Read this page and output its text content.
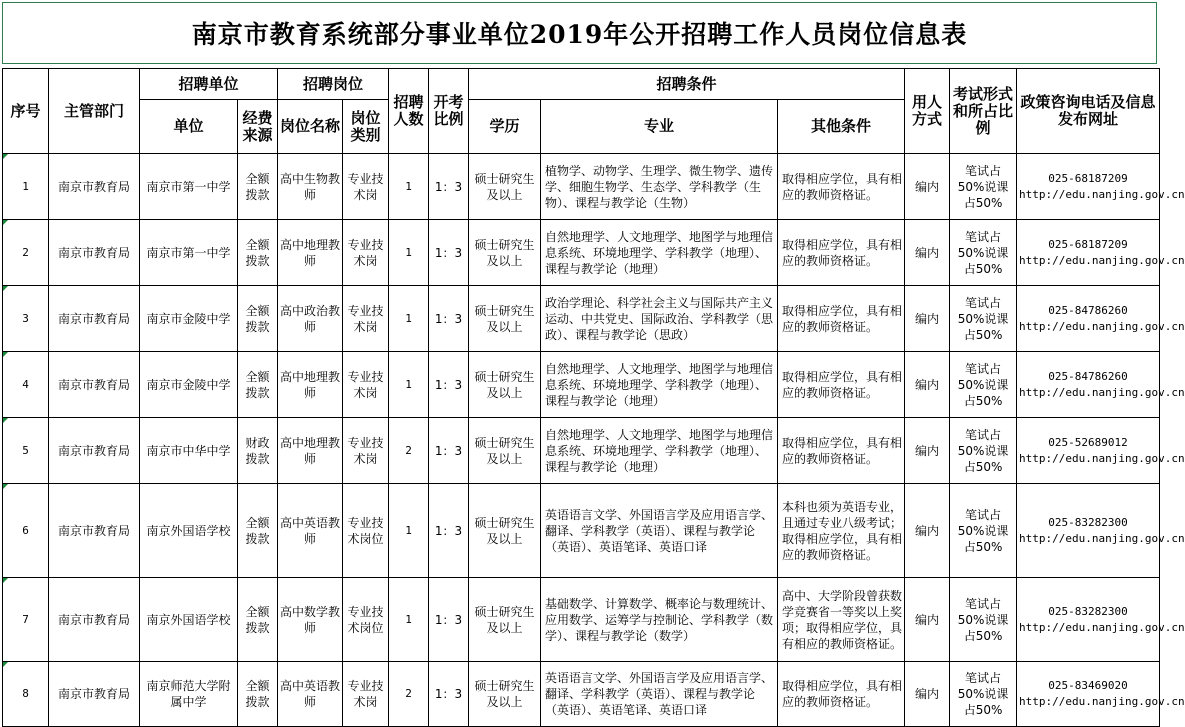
南京市教育系统部分事业单位2019年公开招聘工作人员岗位信息表
序号	主管部门	招聘单位		招聘岗位		招聘人数	开考比例	招聘条件			用人方式	考试形式和所占比例	政策咨询电话及信息发布网址
		单位	经费来源	岗位名称	岗位类别			学历	专业	其他条件			
1	南京市教育局	南京市第一中学	全额拨款	高中生物教师	专业技术岗	1	1：3	硕士研究生及以上	植物学、动物学、生理学、微生物学、遗传学、细胞生物学、生态学、学科教学（生物）、课程与教学论（生物）	取得相应学位，具有相应的教师资格证。	编内	笔试占50%说课占50%	025-68187209 http://edu.nanjing.gov.cn
2	南京市教育局	南京市第一中学	全额拨款	高中地理教师	专业技术岗	1	1：3	硕士研究生及以上	自然地理学、人文地理学、地图学与地理信息系统、环境地理学、学科教学（地理）、课程与教学论（地理）	取得相应学位，具有相应的教师资格证。	编内	笔试占50%说课占50%	025-68187209 http://edu.nanjing.gov.cn
3	南京市教育局	南京市金陵中学	全额拨款	高中政治教师	专业技术岗	1	1：3	硕士研究生及以上	政治学理论、科学社会主义与国际共产主义运动、中共党史、国际政治、学科教学（思政）、课程与教学论（思政）	取得相应学位，具有相应的教师资格证。	编内	笔试占50%说课占50%	025-84786260 http://edu.nanjing.gov.cn
4	南京市教育局	南京市金陵中学	全额拨款	高中地理教师	专业技术岗	1	1：3	硕士研究生及以上	自然地理学、人文地理学、地图学与地理信息系统、环境地理学、学科教学（地理）、课程与教学论（地理）	取得相应学位，具有相应的教师资格证。	编内	笔试占50%说课占50%	025-84786260 http://edu.nanjing.gov.cn
5	南京市教育局	南京市中华中学	财政拨款	高中地理教师	专业技术岗	2	1：3	硕士研究生及以上	自然地理学、人文地理学、地图学与地理信息系统、环境地理学、学科教学（地理）、课程与教学论（地理）	取得相应学位，具有相应的教师资格证。	编内	笔试占50%说课占50%	025-52689012 http://edu.nanjing.gov.cn
6	南京市教育局	南京外国语学校	全额拨款	高中英语教师	专业技术岗位	1	1：3	硕士研究生及以上	英语语言文学、外国语言学及应用语言学、翻译、学科教学（英语）、课程与教学论（英语）、英语笔译、英语口译	本科也须为英语专业，且通过专业八级考试；取得相应学位，具有相应的教师资格证。	编内	笔试占50%说课占50%	025-83282300 http://edu.nanjing.gov.cn
7	南京市教育局	南京外国语学校	全额拨款	高中数学教师	专业技术岗位	1	1：3	硕士研究生及以上	基础数学、计算数学、概率论与数理统计、应用数学、运筹学与控制论、学科教学（数学）、课程与教学论（数学）	高中、大学阶段曾获数学竞赛省一等奖以上奖项；取得相应学位，具有相应的教师资格证。	编内	笔试占50%说课占50%	025-83282300 http://edu.nanjing.gov.cn
8	南京市教育局	南京师范大学附属中学	全额拨款	高中英语教师	专业技术岗	2	1：3	硕士研究生及以上	英语语言文学、外国语言学及应用语言学、翻译、学科教学（英语）、课程与教学论（英语）、英语笔译、英语口译	取得相应学位，具有相应的教师资格证。	编内	笔试占50%说课占50%	025-83469020 http://edu.nanjing.gov.cn
